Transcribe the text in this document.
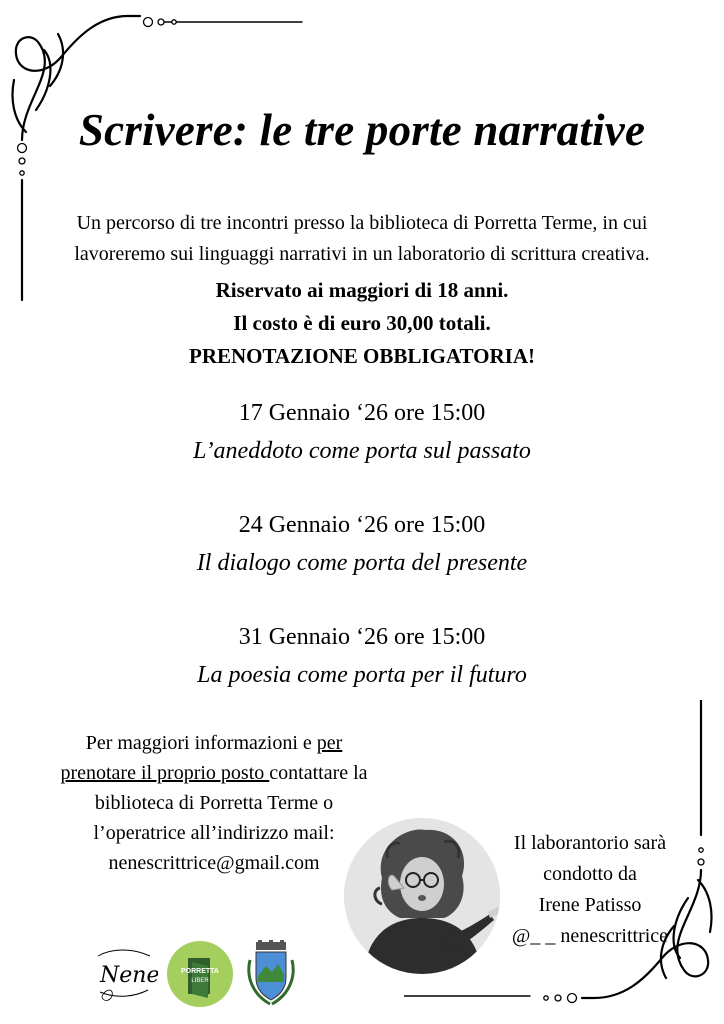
Scrivere: le tre porte narrative
Un percorso di tre incontri presso la biblioteca di Porretta Terme, in cui
lavoreremo sui linguaggi narrativi in un laboratorio di scrittura creativa.
Riservato ai maggiori di 18 anni.
Il costo è di euro 30,00 totali.
PRENOTAZIONE OBBLIGATORIA!
17 Gennaio ‘26 ore 15:00
L’aneddoto come porta sul passato
24 Gennaio ‘26 ore 15:00
Il dialogo come porta del presente
31 Gennaio ‘26 ore 15:00
La poesia come porta per il futuro
Per maggiori informazioni e per
prenotare il proprio posto contattare la
biblioteca di Porretta Terme o
l’operatrice all’indirizzo mail:
nenescrittrice@gmail.com
Il laborantorio sarà
condotto da
Irene Patisso
@_ _ nenescrittrice
Nene	PORRETTA
LIBER
